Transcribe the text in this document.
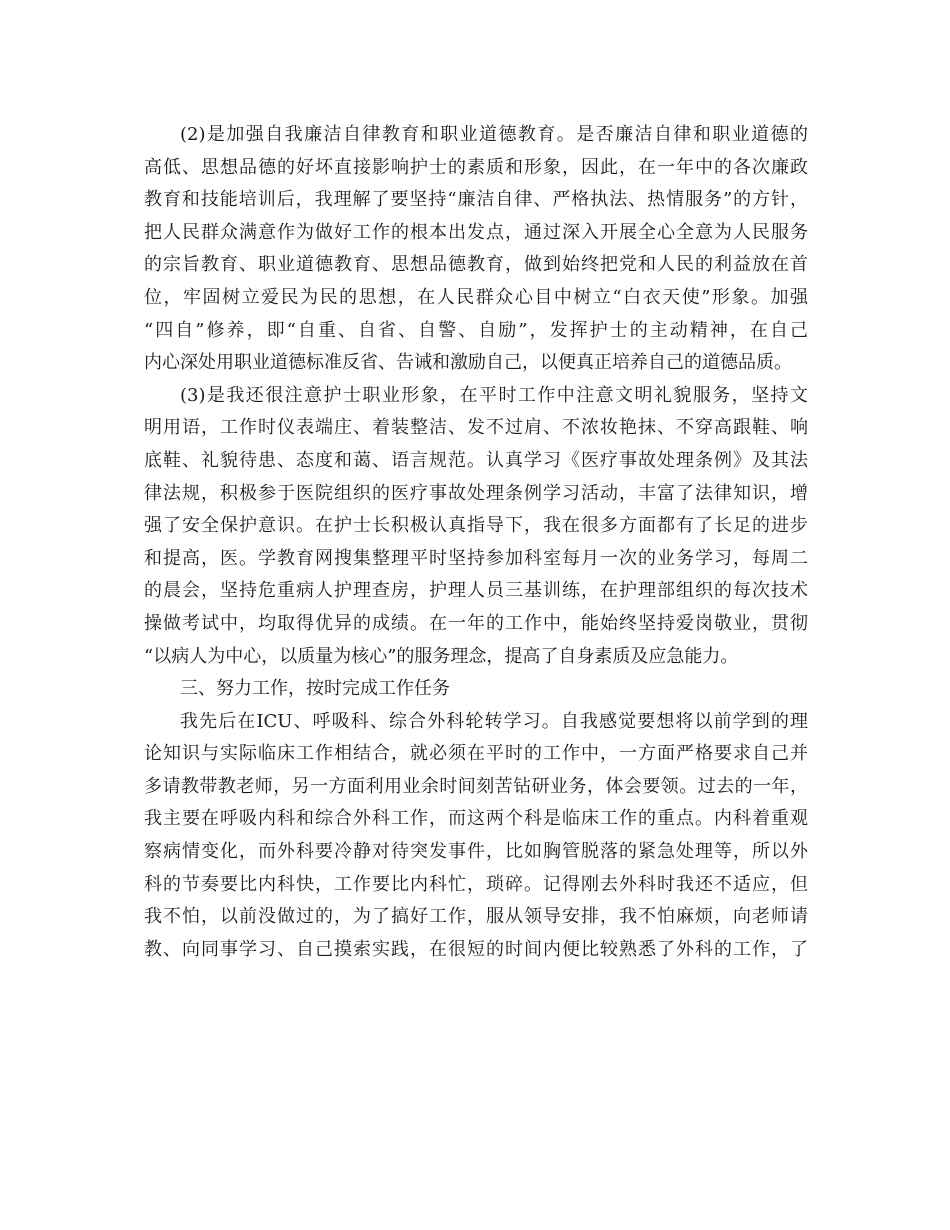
(2)是加强自我廉洁自律教育和职业道德教育。是否廉洁自律和职业道德的
高低、思想品德的好坏直接影响护士的素质和形象，因此，在一年中的各次廉政
教育和技能培训后，我理解了要坚持“廉洁自律、严格执法、热情服务”的方针，
把人民群众满意作为做好工作的根本出发点，通过深入开展全心全意为人民服务
的宗旨教育、职业道德教育、思想品德教育，做到始终把党和人民的利益放在首
位，牢固树立爱民为民的思想，在人民群众心目中树立“白衣天使”形象。加强
“四自”修养，即“自重、自省、自警、自励”，发挥护士的主动精神，在自己
内心深处用职业道德标准反省、告诫和激励自己，以便真正培养自己的道德品质。
(3)是我还很注意护士职业形象，在平时工作中注意文明礼貌服务，坚持文
明用语，工作时仪表端庄、着装整洁、发不过肩、不浓妆艳抹、不穿高跟鞋、响
底鞋、礼貌待患、态度和蔼、语言规范。认真学习《医疗事故处理条例》及其法
律法规，积极参于医院组织的医疗事故处理条例学习活动，丰富了法律知识，增
强了安全保护意识。在护士长积极认真指导下，我在很多方面都有了长足的进步
和提高，医。学教育网搜集整理平时坚持参加科室每月一次的业务学习，每周二
的晨会，坚持危重病人护理查房，护理人员三基训练，在护理部组织的每次技术
操做考试中，均取得优异的成绩。在一年的工作中，能始终坚持爱岗敬业，贯彻
“以病人为中心，以质量为核心”的服务理念，提高了自身素质及应急能力。
三、努力工作，按时完成工作任务
我先后在ICU、呼吸科、综合外科轮转学习。自我感觉要想将以前学到的理
论知识与实际临床工作相结合，就必须在平时的工作中，一方面严格要求自己并
多请教带教老师，另一方面利用业余时间刻苦钻研业务，体会要领。过去的一年，
我主要在呼吸内科和综合外科工作，而这两个科是临床工作的重点。内科着重观
察病情变化，而外科要冷静对待突发事件，比如胸管脱落的紧急处理等，所以外
科的节奏要比内科快，工作要比内科忙，琐碎。记得刚去外科时我还不适应，但
我不怕，以前没做过的，为了搞好工作，服从领导安排，我不怕麻烦，向老师请
教、向同事学习、自己摸索实践，在很短的时间内便比较熟悉了外科的工作，了
